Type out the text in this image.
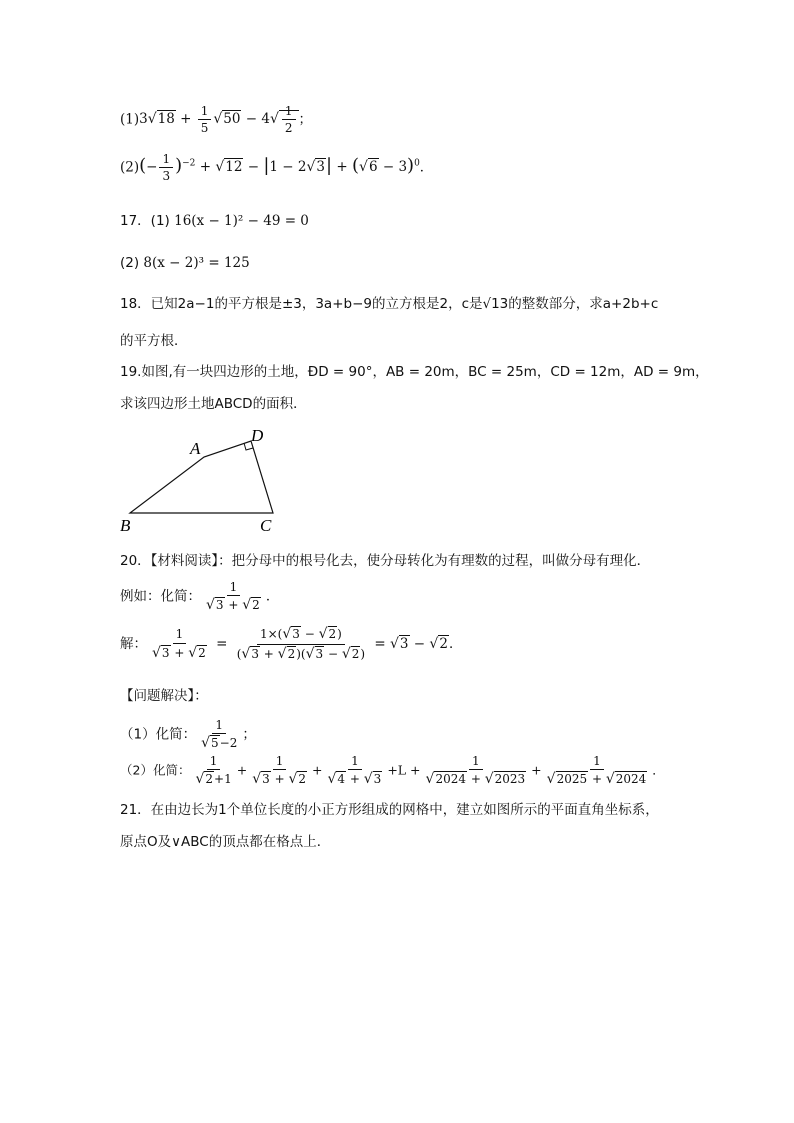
$(1)3√18 + \frac{1}{5} √50 - 4√ \frac{1}{2}$ ；
$(2)(- \frac{1}{3} )^{-2} + √12 - |1 - 2√3| + (√6 - 3)^0$．
17．(1) 16(x − 1)² − 49 = 0
(2) 8(x − 2)³ = 125
18．已知2a−1的平方根是±3，3a+b−9的立方根是2，c是√13的整数部分，求a+2b+c
的平方根．
19.如图,有一块四边形的土地，ÐD = 90°，AB = 20m，BC = 25m，CD = 12m，AD = 9m，
求该四边形土地ABCD的面积．
A
D
B	C
20．【材料阅读】：把分母中的根号化去，使分母转化为有理数的过程，叫做分母有理化．
例如：化简： $\frac{1}{√3 + √2}$ ．
解： $\frac{1}{√3 + √2} = \frac{1\times(√3 - √2)}{(√3 + √2)(√3 - √2)} = √3 - √2$．
【问题解决】：
（1）化简： $\frac{1}{√5-2}$ ；
（2）化简： $\frac{1}{√2+1} + \frac{1}{√3 + √2} + \frac{1}{√4 + √3} +L + \frac{1}{√2024 + √2023} + \frac{1}{√2025 + √2024}$ ．
21．在由边长为1个单位长度的小正方形组成的网格中，建立如图所示的平面直角坐标系，
原点O及∨ABC的顶点都在格点上．
